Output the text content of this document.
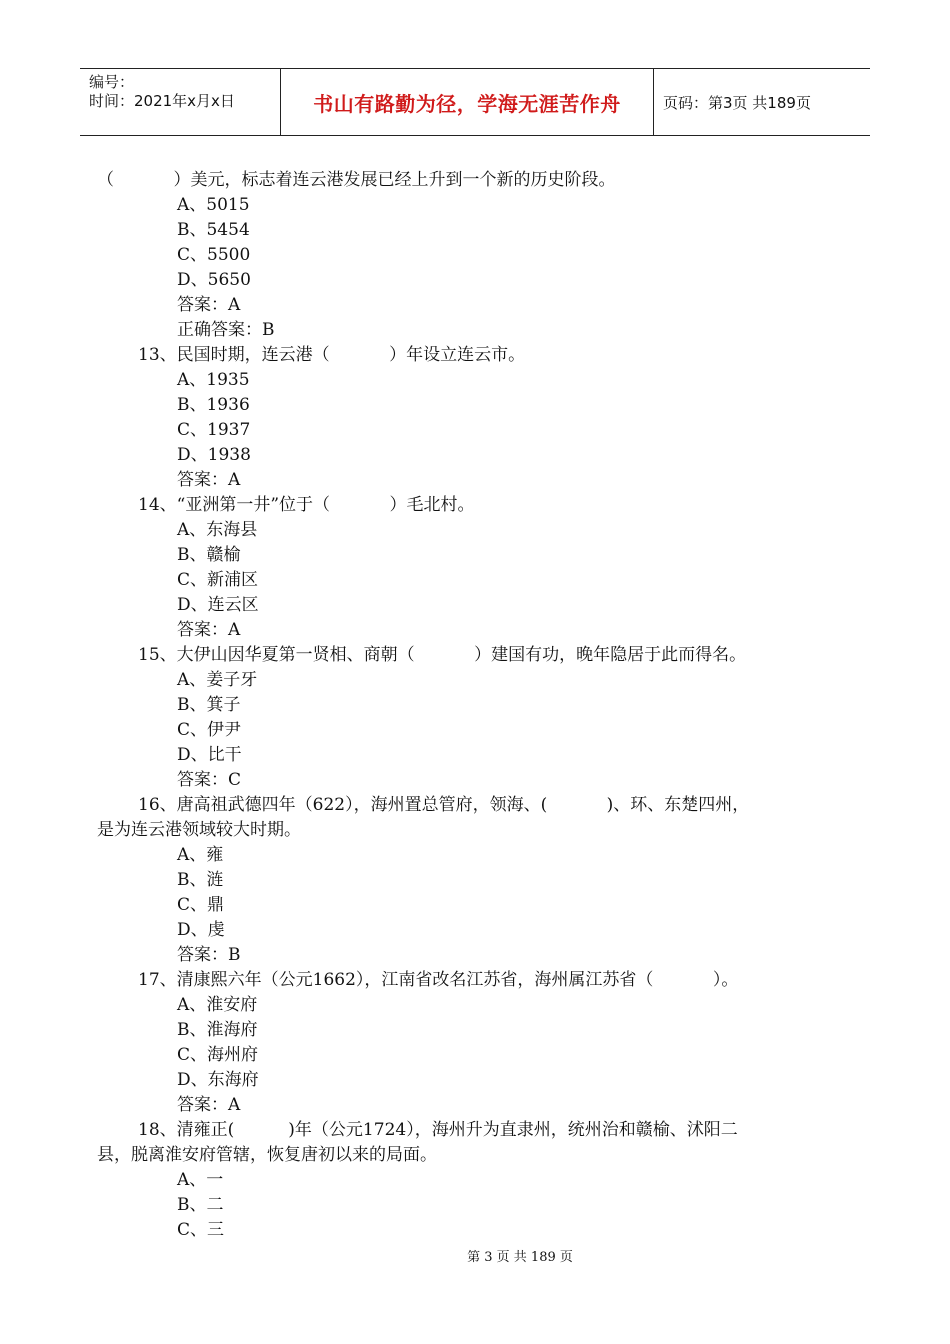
编号：
时间：2021年x月x日	书山有路勤为径，学海无涯苦作舟	页码：第3页 共189页
（           ）美元，标志着连云港发展已经上升到一个新的历史阶段。
A、5015
B、5454
C、5500
D、5650
答案：A
正确答案：B
13、民国时期，连云港（           ）年设立连云市。
A、1935
B、1936
C、1937
D、1938
答案：A
14、“亚洲第一井”位于（           ）毛北村。
A、东海县
B、赣榆
C、新浦区
D、连云区
答案：A
15、大伊山因华夏第一贤相、商朝（           ）建国有功，晚年隐居于此而得名。
A、姜子牙
B、箕子
C、伊尹
D、比干
答案：C
16、唐高祖武德四年（622），海州置总管府，领海、(           )、环、东楚四州，
是为连云港领域较大时期。
A、雍
B、涟
C、鼎
D、虔
答案：B
17、清康熙六年（公元1662），江南省改名江苏省，海州属江苏省（           ）。
A、淮安府
B、淮海府
C、海州府
D、东海府
答案：A
18、清雍正(          )年（公元1724），海州升为直隶州，统州治和赣榆、沭阳二
县，脱离淮安府管辖，恢复唐初以来的局面。
A、一
B、二
C、三
第 3 页 共 189 页
